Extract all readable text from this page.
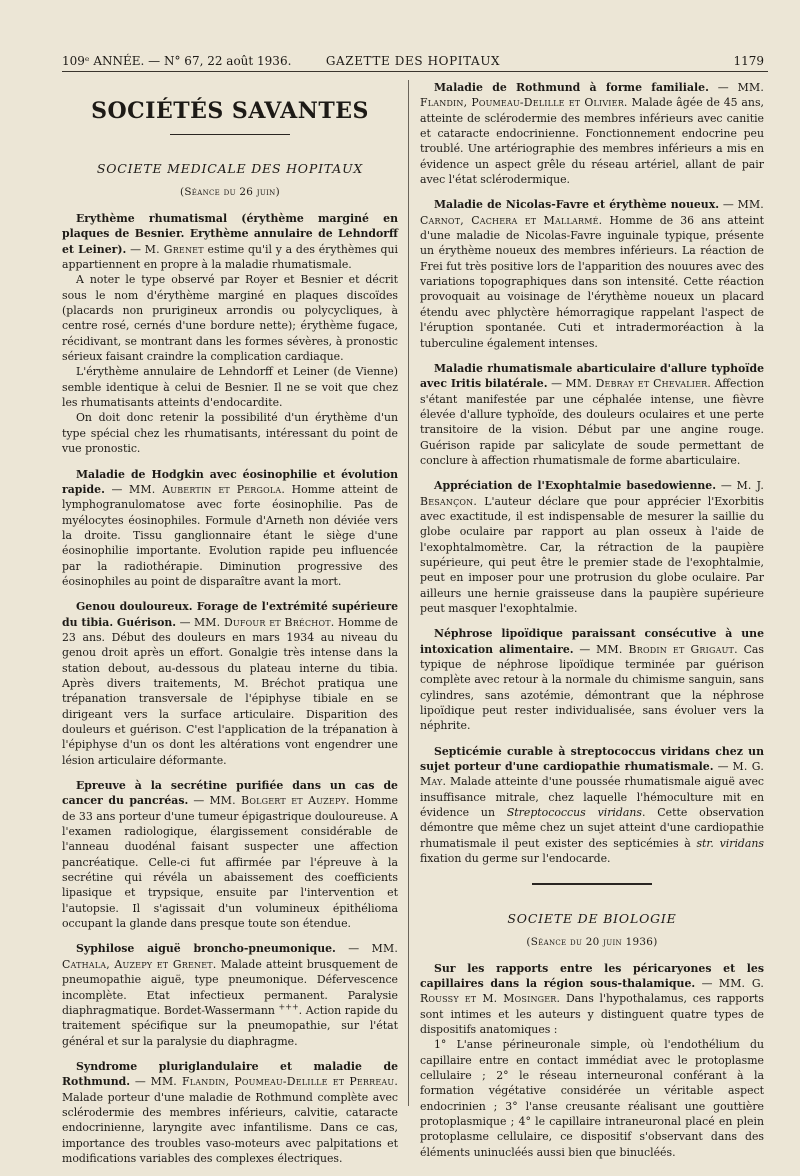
109ᵉ ANNÉE. — N° 67, 22 août 1936.	GAZETTE DES HOPITAUX	1179
SOCIÉTÉS SAVANTES
SOCIETE MEDICALE DES HOPITAUX
(Séance du 26 juin)

Erythème rhumatismal (érythème marginé en plaques de Besnier. Erythème annulaire de Lehndorff et Leiner). — M. Grenet estime qu'il y a des érythèmes qui appartiennent en propre à la maladie rhumatismale.

A noter le type observé par Royer et Besnier et décrit sous le nom d'érythème marginé en plaques discoïdes (placards non prurigineux arrondis ou polycycliques, à centre rosé, cernés d'une bordure nette); érythème fugace, récidivant, se montrant dans les formes sévères, à pronostic sérieux faisant craindre la complication cardiaque.

L'érythème annulaire de Lehndorff et Leiner (de Vienne) semble identique à celui de Besnier. Il ne se voit que chez les rhumatisants atteints d'endocardite.

On doit donc retenir la possibilité d'un érythème d'un type spécial chez les rhumatisants, intéressant du point de vue pronostic.

Maladie de Hodgkin avec éosinophilie et évolution rapide. — MM. Aubertin et Pergola. Homme atteint de lymphogranulomatose avec forte éosinophilie. Pas de myélocytes éosinophiles. Formule d'Arneth non déviée vers la droite. Tissu ganglionnaire étant le siège d'une éosinophilie importante. Evolution rapide peu influencée par la radiothérapie. Diminution progressive des éosinophiles au point de disparaître avant la mort.

Genou douloureux. Forage de l'extrémité supérieure du tibia. Guérison. — MM. Dufour et Bréchot. Homme de 23 ans. Début des douleurs en mars 1934 au niveau du genou droit après un effort. Gonalgie très intense dans la station debout, au-dessous du plateau interne du tibia. Après divers traitements, M. Bréchot pratiqua une trépanation transversale de l'épiphyse tibiale en se dirigeant vers la surface articulaire. Disparition des douleurs et guérison. C'est l'application de la trépanation à l'épiphyse d'un os dont les altérations vont engendrer une lésion articulaire déformante.

Epreuve à la secrétine purifiée dans un cas de cancer du pancréas. — MM. Bolgert et Auzepy. Homme de 33 ans porteur d'une tumeur épigastrique douloureuse. A l'examen radiologique, élargissement considérable de l'anneau duodénal faisant suspecter une affection pancréatique. Celle-ci fut affirmée par l'épreuve à la secrétine qui révéla un abaissement des coefficients lipasique et trypsique, ensuite par l'intervention et l'autopsie. Il s'agissait d'un volumineux épithélioma occupant la glande dans presque toute son étendue.

Syphilose aiguë broncho-pneumonique. — MM. Cathala, Auzepy et Grenet. Malade atteint brusquement de pneumopathie aiguë, type pneumonique. Défervescence incomplète. Etat infectieux permanent. Paralysie diaphragmatique. Bordet-Wassermann +++. Action rapide du traitement spécifique sur la pneumopathie, sur l'état général et sur la paralysie du diaphragme.

Syndrome pluriglandulaire et maladie de Rothmund. — MM. Flandin, Poumeau-Delille et Perreau. Malade porteur d'une maladie de Rothmund complète avec sclérodermie des membres inférieurs, calvitie, cataracte endocrinienne, laryngite avec infantilisme. Dans ce cas, importance des troubles vaso-moteurs avec palpitations et modifications variables des complexes électriques.

Maladie de Rothmund à forme familiale. — MM. Flandin, Poumeau-Delille et Olivier. Malade âgée de 45 ans, atteinte de sclérodermie des membres inférieurs avec canitie et cataracte endocrinienne. Fonctionnement endocrine peu troublé. Une artériographie des membres inférieurs a mis en évidence un aspect grêle du réseau artériel, allant de pair avec l'état sclérodermique.

Maladie de Nicolas-Favre et érythème noueux. — MM. Carnot, Cachera et Mallarmé. Homme de 36 ans atteint d'une maladie de Nicolas-Favre inguinale typique, présente un érythème noueux des membres inférieurs. La réaction de Frei fut très positive lors de l'apparition des nouures avec des variations topographiques dans son intensité. Cette réaction provoquait au voisinage de l'érythème noueux un placard étendu avec phlyctère hémorragique rappelant l'aspect de l'éruption spontanée. Cuti et intradermoréaction à la tuberculine également intenses.

Maladie rhumatismale abarticulaire d'allure typhoïde avec Iritis bilatérale. — MM. Debray et Chevalier. Affection s'étant manifestée par une céphalée intense, une fièvre élevée d'allure typhoïde, des douleurs oculaires et une perte transitoire de la vision. Début par une angine rouge. Guérison rapide par salicylate de soude permettant de conclure à affection rhumatismale de forme abarticulaire.

Appréciation de l'Exophtalmie basedowienne. — M. J. Besançon. L'auteur déclare que pour apprécier l'Exorbitis avec exactitude, il est indispensable de mesurer la saillie du globe oculaire par rapport au plan osseux à l'aide de l'exophtalmomètre. Car, la rétraction de la paupière supérieure, qui peut être le premier stade de l'exophtalmie, peut en imposer pour une protrusion du globe oculaire. Par ailleurs une hernie graisseuse dans la paupière supérieure peut masquer l'exophtalmie.

Néphrose lipoïdique paraissant consécutive à une intoxication alimentaire. — MM. Brodin et Grigaut. Cas typique de néphrose lipoïdique terminée par guérison complète avec retour à la normale du chimisme sanguin, sans cylindres, sans azotémie, démontrant que la néphrose lipoïdique peut rester individualisée, sans évoluer vers la néphrite.

Septicémie curable à streptococcus viridans chez un sujet porteur d'une cardiopathie rhumatismale. — M. G. May. Malade atteinte d'une poussée rhumatismale aiguë avec insuffisance mitrale, chez laquelle l'hémoculture mit en évidence un Streptococcus viridans. Cette observation démontre que même chez un sujet atteint d'une cardiopathie rhumatismale il peut exister des septicémies à str. viridans fixation du germe sur l'endocarde.

SOCIETE DE BIOLOGIE
(Séance du 20 juin 1936)

Sur les rapports entre les péricaryones et les capillaires dans la région sous-thalamique. — MM. G. Roussy et M. Mosinger. Dans l'hypothalamus, ces rapports sont intimes et les auteurs y distinguent quatre types de dispositifs anatomiques :

1° L'anse périneuronale simple, où l'endothélium du capillaire entre en contact immédiat avec le protoplasme cellulaire ; 2° le réseau interneuronal conférant à la formation végétative considérée un véritable aspect endocrinien ; 3° l'anse creusante réalisant une gouttière protoplasmique ; 4° le capillaire intraneuronal placé en plein protoplasme cellulaire, ce dispositif s'observant dans des éléments uninucléés aussi bien que binucléés.
